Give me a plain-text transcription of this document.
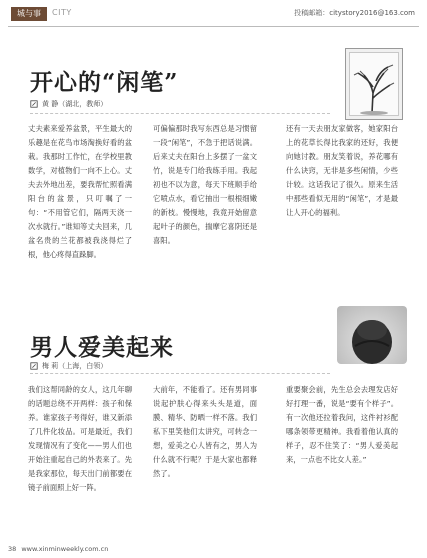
城与事	CITY	投稿邮箱：citystory2016@163.com
开心的“闲笔”
黄 静（湖北，教师）

丈夫素来爱养盆景，平生最大的乐趣是在花鸟市场淘换好看的盆栽。我那时工作忙，在学校里教数学，对植物们一向不上心。丈夫去外地出差，要我帮忙照看满阳台的盆景，只叮嘱了一句：“不用管它们，隔两天浇一次水就行。”谁知等丈夫回来，几盆名贵的兰花都被我浇得烂了根，他心疼得直跺脚。

可偏偏那时我写东西总是习惯留一段“闲笔”，不急于把话说满。后来丈夫在阳台上多摆了一盆文竹，说是专门给我练手用。我起初也不以为意，每天下班顺手给它喷点水，看它抽出一根根细嫩的新枝。慢慢地，我竟开始留意起叶子的颜色，揣摩它喜阴还是喜阳。

还有一天去朋友家做客，她家阳台上的花草长得比我家的还好，我便向她讨教。朋友笑着说，养花哪有什么诀窍，无非是多些闲情，少些计较。这话我记了很久。原来生活中那些看似无用的“闲笔”，才是最让人开心的福利。

男人爱美起来
梅 莉（上海，白领）

我们这帮同龄的女人，这几年聊的话题总绕不开两样：孩子和保养。谁家孩子考得好，谁又新添了几件化妆品。可是最近，我们发现情况有了变化——男人们也开始注重起自己的外表来了。先是我家那位，每天出门前都要在镜子前面照上好一阵。

大前年，不能看了。还有男同事说起护肤心得来头头是道，面膜、精华、防晒一样不落。我们私下里笑他们太讲究，可转念一想，爱美之心人皆有之，男人为什么就不行呢？于是大家也都释然了。

重要聚会前，先生总会去理发店好好打理一番，说是“要有个样子”。有一次他还拉着我问，这件衬衫配哪条领带更精神。我看着他认真的样子，忍不住笑了：“男人爱美起来，一点也不比女人差。”

38 www.xinminweekly.com.cn
